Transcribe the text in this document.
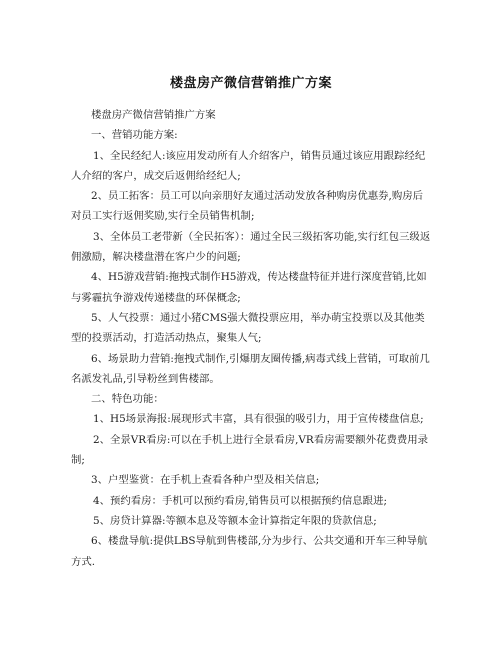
楼盘房产微信营销推广方案

楼盘房产微信营销推广方案

一、营销功能方案:

1、全民经纪人:该应用发动所有人介绍客户，销售员通过该应用跟踪经纪人介绍的客户，成交后返佣给经纪人;

2、员工拓客：员工可以向亲朋好友通过活动发放各种购房优惠券,购房后对员工实行返佣奖励,实行全员销售机制;

3、全体员工老带新（全民拓客）：通过全民三级拓客功能,实行红包三级返佣激励，解决楼盘潜在客户少的问题;

4、H5游戏营销:拖拽式制作H5游戏，传达楼盘特征并进行深度营销,比如与雾霾抗争游戏传递楼盘的环保概念;

5、人气投票：通过小猪CMS强大微投票应用，举办萌宝投票以及其他类型的投票活动，打造活动热点，聚集人气;

6、场景助力营销:拖拽式制作,引爆朋友圈传播,病毒式线上营销，可取前几名派发礼品,引导粉丝到售楼部。

二、特色功能：

1、H5场景海报:展现形式丰富，具有很强的吸引力，用于宣传楼盘信息;

2、全景VR看房:可以在手机上进行全景看房,VR看房需要额外花费费用录制;

3、户型鉴赏：在手机上查看各种户型及相关信息;

4、预约看房：手机可以预约看房,销售员可以根据预约信息跟进;

5、房贷计算器:等额本息及等额本金计算指定年限的贷款信息;

6、楼盘导航:提供LBS导航到售楼部,分为步行、公共交通和开车三种导航方式.
